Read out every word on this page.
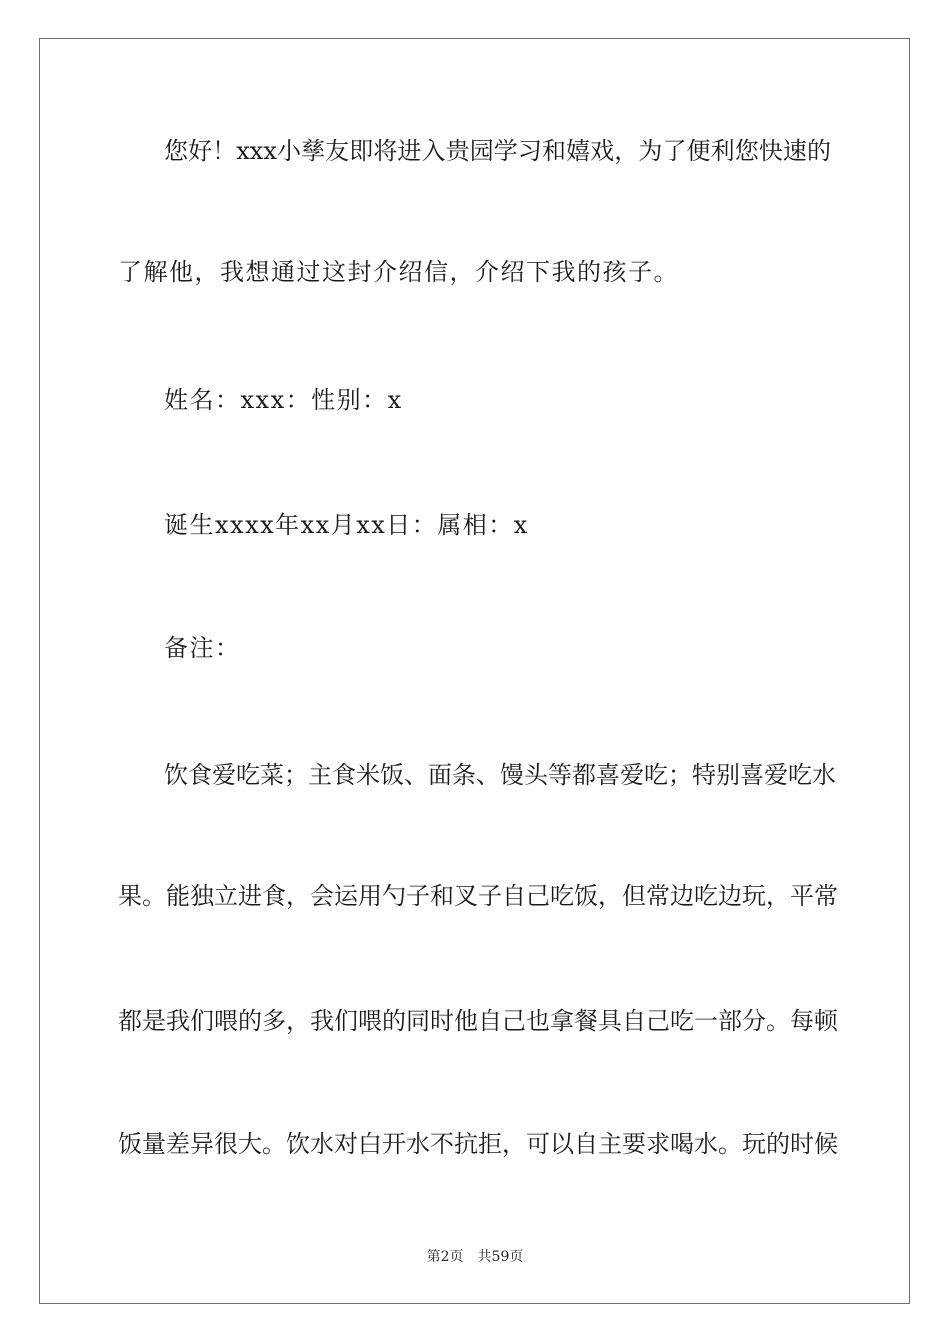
您好！xxx小孳友即将进入贵园学习和嬉戏，为了便利您快速的
了解他，我想通过这封介绍信，介绍下我的孩子。
姓名：xxx：性别：x
诞生xxxx年xx月xx日：属相：x
备注：
饮食爱吃菜；主食米饭、面条、馒头等都喜爱吃；特别喜爱吃水
果。能独立进食，会运用勺子和叉子自己吃饭，但常边吃边玩，平常
都是我们喂的多，我们喂的同时他自己也拿餐具自己吃一部分。每顿
饭量差异很大。饮水对白开水不抗拒，可以自主要求喝水。玩的时候
第2页　共59页
